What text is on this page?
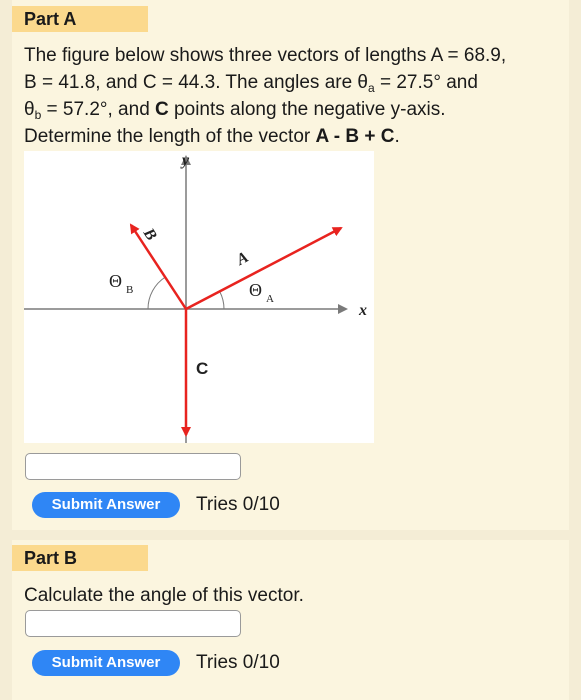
Part A
The figure below shows three vectors of lengths A = 68.9,
B = 41.8, and C = 44.3. The angles are $\theta_a = 27.5^\circ$ and
$\theta_b = 57.2^\circ$, and C points along the negative y-axis.
Determine the length of the vector A - B + C.
y
x
A
B
C
Θ A
Θ B
Submit Answer	Tries 0/10
Part B
Calculate the angle of this vector.
Submit Answer	Tries 0/10
